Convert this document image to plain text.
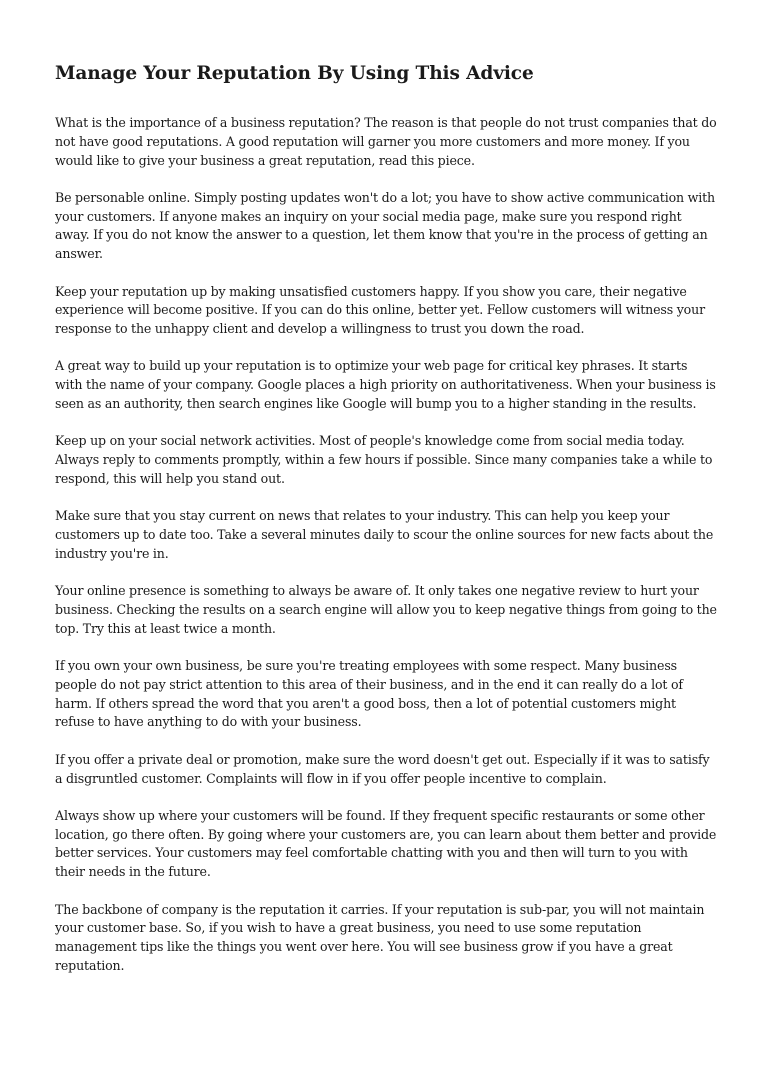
Manage Your Reputation By Using This Advice

What is the importance of a business reputation? The reason is that people do not trust companies that do not have good reputations. A good reputation will garner you more customers and more money. If you would like to give your business a great reputation, read this piece.

Be personable online. Simply posting updates won't do a lot; you have to show active communication with your customers. If anyone makes an inquiry on your social media page, make sure you respond right away. If you do not know the answer to a question, let them know that you're in the process of getting an answer.

Keep your reputation up by making unsatisfied customers happy. If you show you care, their negative experience will become positive. If you can do this online, better yet. Fellow customers will witness your response to the unhappy client and develop a willingness to trust you down the road.

A great way to build up your reputation is to optimize your web page for critical key phrases. It starts with the name of your company. Google places a high priority on authoritativeness. When your business is seen as an authority, then search engines like Google will bump you to a higher standing in the results.

Keep up on your social network activities. Most of people's knowledge come from social media today. Always reply to comments promptly, within a few hours if possible. Since many companies take a while to respond, this will help you stand out.

Make sure that you stay current on news that relates to your industry. This can help you keep your customers up to date too. Take a several minutes daily to scour the online sources for new facts about the industry you're in.

Your online presence is something to always be aware of. It only takes one negative review to hurt your business. Checking the results on a search engine will allow you to keep negative things from going to the top. Try this at least twice a month.

If you own your own business, be sure you're treating employees with some respect. Many business people do not pay strict attention to this area of their business, and in the end it can really do a lot of harm. If others spread the word that you aren't a good boss, then a lot of potential customers might refuse to have anything to do with your business.

If you offer a private deal or promotion, make sure the word doesn't get out. Especially if it was to satisfy a disgruntled customer. Complaints will flow in if you offer people incentive to complain.

Always show up where your customers will be found. If they frequent specific restaurants or some other location, go there often. By going where your customers are, you can learn about them better and provide better services. Your customers may feel comfortable chatting with you and then will turn to you with their needs in the future.

The backbone of company is the reputation it carries. If your reputation is sub-par, you will not maintain your customer base. So, if you wish to have a great business, you need to use some reputation management tips like the things you went over here. You will see business grow if you have a great reputation.
